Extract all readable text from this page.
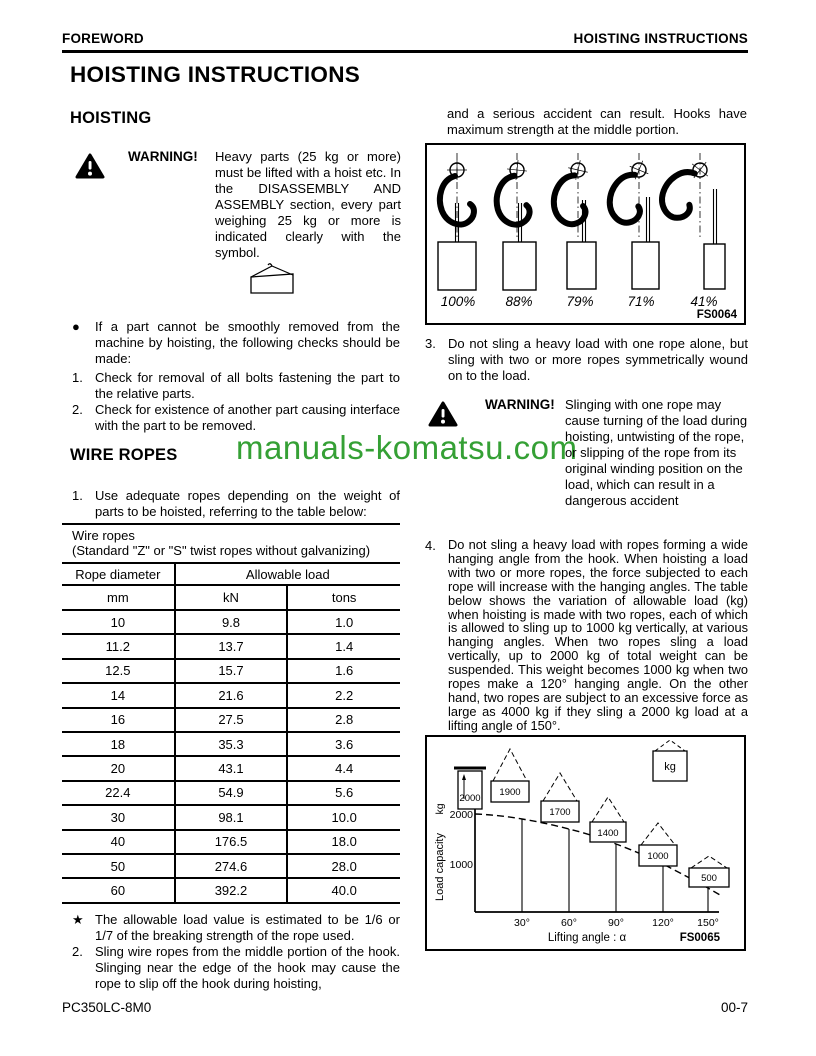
FOREWORD	HOISTING INSTRUCTIONS
HOISTING INSTRUCTIONS
manuals-komatsu.com
HOISTING
WARNING! Heavy parts (25 kg or more) must be lifted with a hoist etc. In the DISASSEMBLY AND ASSEMBLY section, every part weighing 25 kg or more is indicated clearly with the symbol.
●	If a part cannot be smoothly removed from the machine by hoisting, the following checks should be made:
1. Check for removal of all bolts fastening the part to the relative parts.
2. Check for existence of another part causing interface with the part to be removed.
WIRE ROPES
1. Use adequate ropes depending on the weight of parts to be hoisted, referring to the table below:
Wire ropes
(Standard "Z" or "S" twist ropes without galvanizing)		

Rope diameter	Allowable load	
mm	kN	tons
10	9.8	1.0
11.2	13.7	1.4
12.5	15.7	1.6
14	21.6	2.2
16	27.5	2.8
18	35.3	3.6
20	43.1	4.4
22.4	54.9	5.6
30	98.1	10.0
40	176.5	18.0
50	274.6	28.0
60	392.2	40.0
★ The allowable load value is estimated to be 1/6 or 1/7 of the breaking strength of the rope used.
2. Sling wire ropes from the middle portion of the hook. Slinging near the edge of the hook may cause the rope to slip off the hook during hoisting,
and a serious accident can result. Hooks have maximum strength at the middle portion.
100% 88%	79%	71%	41%
FS0064
3. Do not sling a heavy load with one rope alone, but sling with two or more ropes symmetrically wound on to the load.
WARNING! Slinging with one rope may cause turning of the load during hoisting, untwisting of the rope, or slipping of the rope from its original winding position on the load, which can result in a dangerous accident
4. Do not sling a heavy load with ropes forming a wide hanging angle from the hook. When hoisting a load with two or more ropes, the force subjected to each rope will increase with the hanging angles. The table below shows the variation of allowable load (kg) when hoisting is made with two ropes, each of which is allowed to sling up to 1000 kg vertically, at various hanging angles. When two ropes sling a load vertically, up to 2000 kg of total weight can be suspended. This weight becomes 1000 kg when two ropes make a 120° hanging angle. On the other hand, two ropes are subject to an excessive force as large as 4000 kg if they sling a 2000 kg load at a lifting angle of 150°.
2000
1900
1700
1400
1000
500
kg
2000
1000
kg
Load capacity
30°	60°	90°	120° 150°
Lifting angle : α	FS0065
PC350LC-8M0	00-7
